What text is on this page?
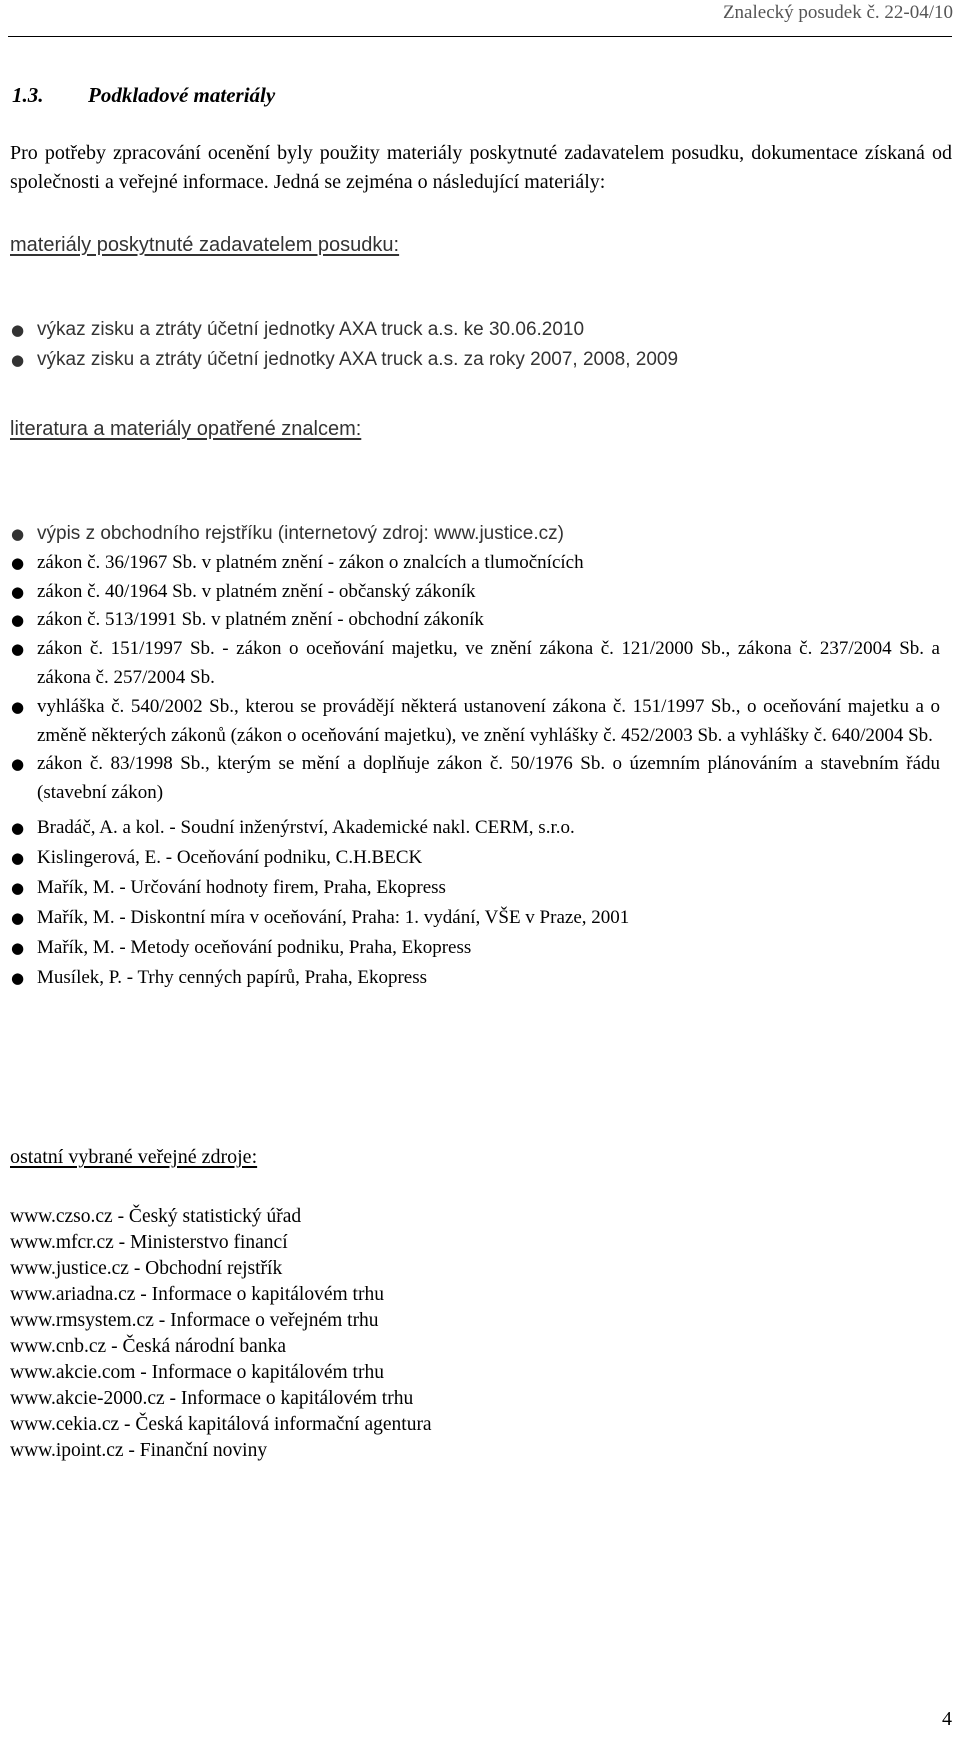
Znalecký posudek č. 22-04/10
1.3. Podkladové materiály
Pro potřeby zpracování ocenění byly použity materiály poskytnuté zadavatelem posudku, dokumentace získaná od společnosti a veřejné informace. Jedná se zejména o následující materiály:
materiály poskytnuté zadavatelem posudku:
● výkaz zisku a ztráty účetní jednotky AXA truck a.s. ke 30.06.2010
● výkaz zisku a ztráty účetní jednotky AXA truck a.s. za roky 2007, 2008, 2009
literatura a materiály opatřené znalcem:
● výpis z obchodního rejstříku (internetový zdroj: www.justice.cz)
● zákon č. 36/1967 Sb. v platném znění - zákon o znalcích a tlumočnících
● zákon č. 40/1964 Sb. v platném znění - občanský zákoník
● zákon č. 513/1991 Sb. v platném znění - obchodní zákoník
● zákon č. 151/1997 Sb. - zákon o oceňování majetku, ve znění zákona č. 121/2000 Sb., zákona č. 237/2004 Sb. a zákona č. 257/2004 Sb.
● vyhláška č. 540/2002 Sb., kterou se provádějí některá ustanovení zákona č. 151/1997 Sb., o oceňování majetku a o změně některých zákonů (zákon o oceňování majetku), ve znění vyhlášky č. 452/2003 Sb. a vyhlášky č. 640/2004 Sb.
● zákon č. 83/1998 Sb., kterým se mění a doplňuje zákon č. 50/1976 Sb. o územním plánováním a stavebním řádu (stavební zákon)
● Bradáč, A. a kol. - Soudní inženýrství, Akademické nakl. CERM, s.r.o.
● Kislingerová, E. - Oceňování podniku, C.H.BECK
● Mařík, M. - Určování hodnoty firem, Praha, Ekopress
● Mařík, M. - Diskontní míra v oceňování, Praha: 1. vydání, VŠE v Praze, 2001
● Mařík, M. - Metody oceňování podniku, Praha, Ekopress
● Musílek, P. - Trhy cenných papírů, Praha, Ekopress
ostatní vybrané veřejné zdroje:
www.czso.cz - Český statistický úřad
www.mfcr.cz - Ministerstvo financí
www.justice.cz - Obchodní rejstřík
www.ariadna.cz - Informace o kapitálovém trhu
www.rmsystem.cz - Informace o veřejném trhu
www.cnb.cz - Česká národní banka
www.akcie.com - Informace o kapitálovém trhu
www.akcie-2000.cz - Informace o kapitálovém trhu
www.cekia.cz - Česká kapitálová informační agentura
www.ipoint.cz - Finanční noviny
4
